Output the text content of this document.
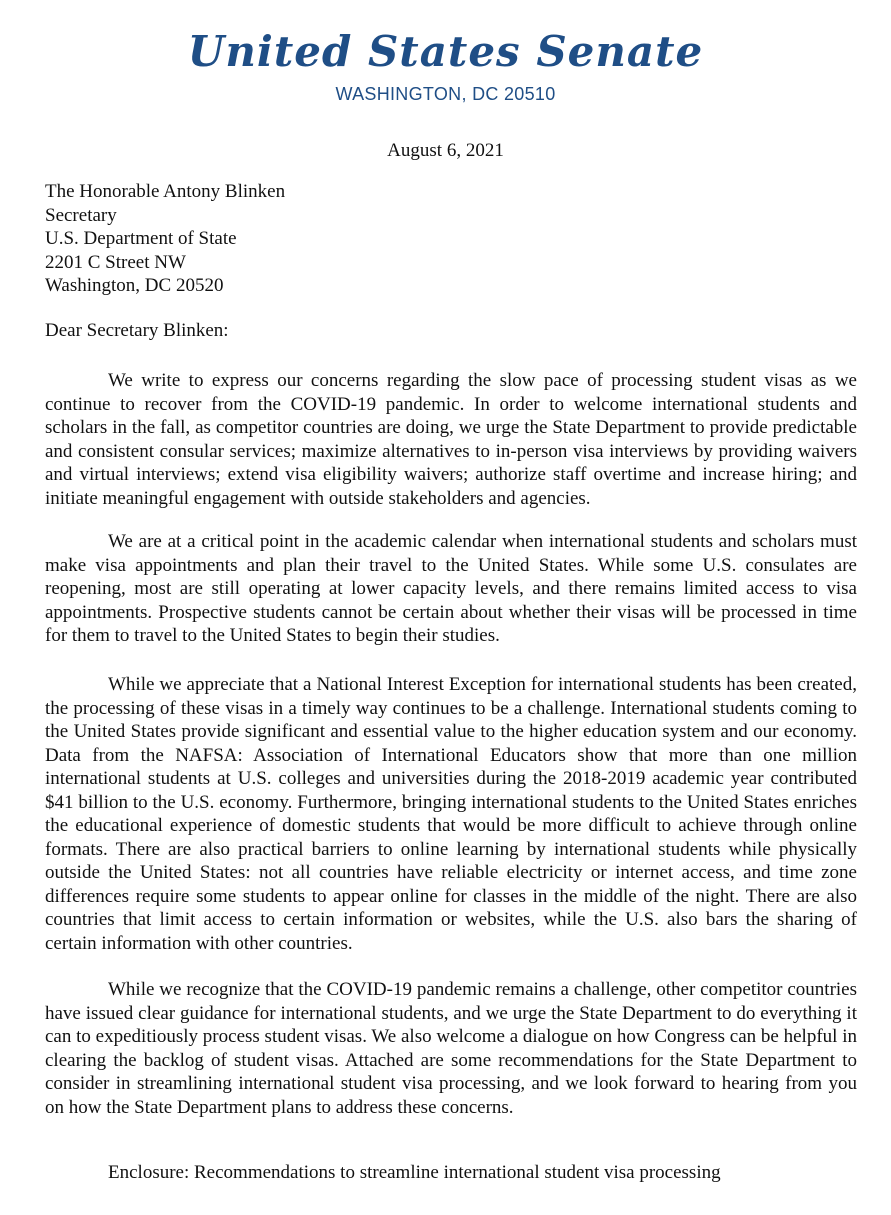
United States Senate
WASHINGTON, DC 20510
August 6, 2021
The Honorable Antony Blinken
Secretary
U.S. Department of State
2201 C Street NW
Washington, DC 20520
Dear Secretary Blinken:

We write to express our concerns regarding the slow pace of processing student visas as we continue to recover from the COVID-19 pandemic. In order to welcome international students and scholars in the fall, as competitor countries are doing, we urge the State Department to provide predictable and consistent consular services; maximize alternatives to in-person visa interviews by providing waivers and virtual interviews; extend visa eligibility waivers; authorize staff overtime and increase hiring; and initiate meaningful engagement with outside stakeholders and agencies.

We are at a critical point in the academic calendar when international students and scholars must make visa appointments and plan their travel to the United States. While some U.S. consulates are reopening, most are still operating at lower capacity levels, and there remains limited access to visa appointments. Prospective students cannot be certain about whether their visas will be processed in time for them to travel to the United States to begin their studies.

While we appreciate that a National Interest Exception for international students has been created, the processing of these visas in a timely way continues to be a challenge. International students coming to the United States provide significant and essential value to the higher education system and our economy. Data from the NAFSA: Association of International Educators show that more than one million international students at U.S. colleges and universities during the 2018-2019 academic year contributed $41 billion to the U.S. economy. Furthermore, bringing international students to the United States enriches the educational experience of domestic students that would be more difficult to achieve through online formats. There are also practical barriers to online learning by international students while physically outside the United States: not all countries have reliable electricity or internet access, and time zone differences require some students to appear online for classes in the middle of the night. There are also countries that limit access to certain information or websites, while the U.S. also bars the sharing of certain information with other countries.

While we recognize that the COVID-19 pandemic remains a challenge, other competitor countries have issued clear guidance for international students, and we urge the State Department to do everything it can to expeditiously process student visas. We also welcome a dialogue on how Congress can be helpful in clearing the backlog of student visas. Attached are some recommendations for the State Department to consider in streamlining international student visa processing, and we look forward to hearing from you on how the State Department plans to address these concerns.

Enclosure: Recommendations to streamline international student visa processing
